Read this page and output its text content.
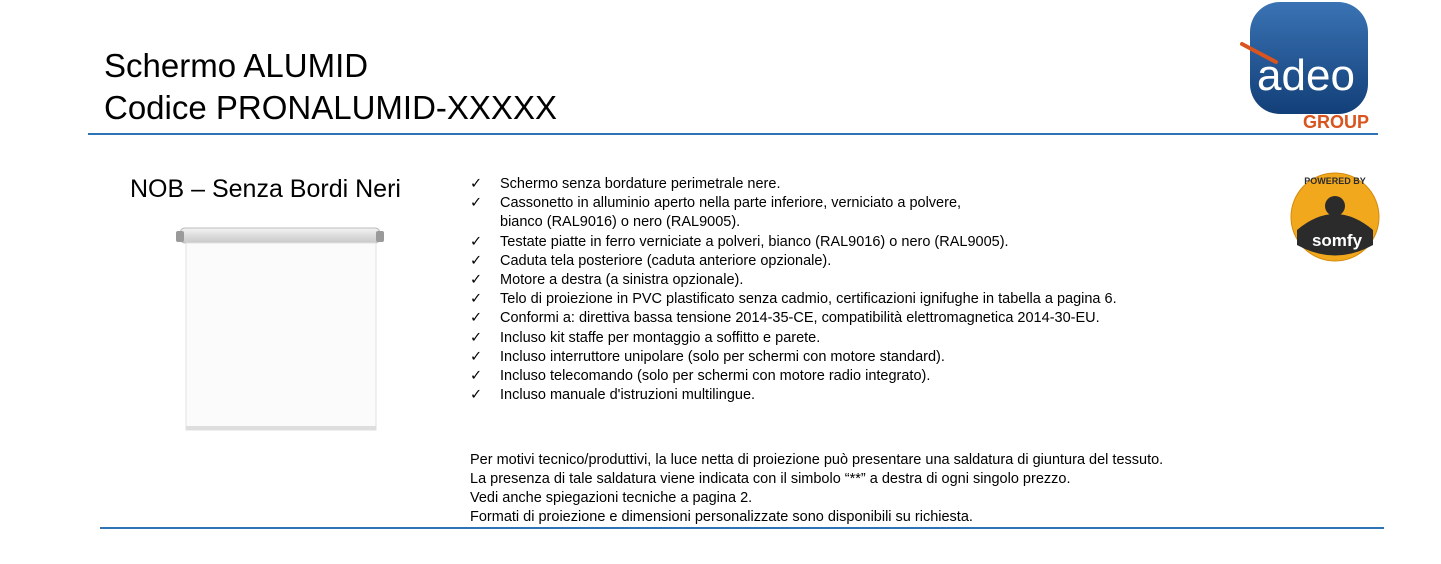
Schermo ALUMID
Codice PRONALUMID-XXXXX
adeo
GROUP
NOB – Senza Bordi Neri	POWERED BY
somfy
✓	Schermo senza bordature perimetrale nere.
✓	Cassonetto in alluminio aperto nella parte inferiore, verniciato a polvere,
bianco (RAL9016) o nero (RAL9005).
✓	Testate piatte in ferro verniciate a polveri, bianco (RAL9016) o nero (RAL9005).
✓	Caduta tela posteriore (caduta anteriore opzionale).
✓	Motore a destra (a sinistra opzionale).
✓	Telo di proiezione in PVC plastificato senza cadmio, certificazioni ignifughe in tabella a pagina 6.
✓	Conformi a: direttiva bassa tensione 2014-35-CE, compatibilità elettromagnetica 2014-30-EU.
✓	Incluso kit staffe per montaggio a soffitto e parete.
✓	Incluso interruttore unipolare (solo per schermi con motore standard).
✓	Incluso telecomando (solo per schermi con motore radio integrato).
✓	Incluso manuale d'istruzioni multilingue.
Per motivi tecnico/produttivi, la luce netta di proiezione può presentare una saldatura di giuntura del tessuto.
La presenza di tale saldatura viene indicata con il simbolo “**” a destra di ogni singolo prezzo.
Vedi anche spiegazioni tecniche a pagina 2.
Formati di proiezione e dimensioni personalizzate sono disponibili su richiesta.
